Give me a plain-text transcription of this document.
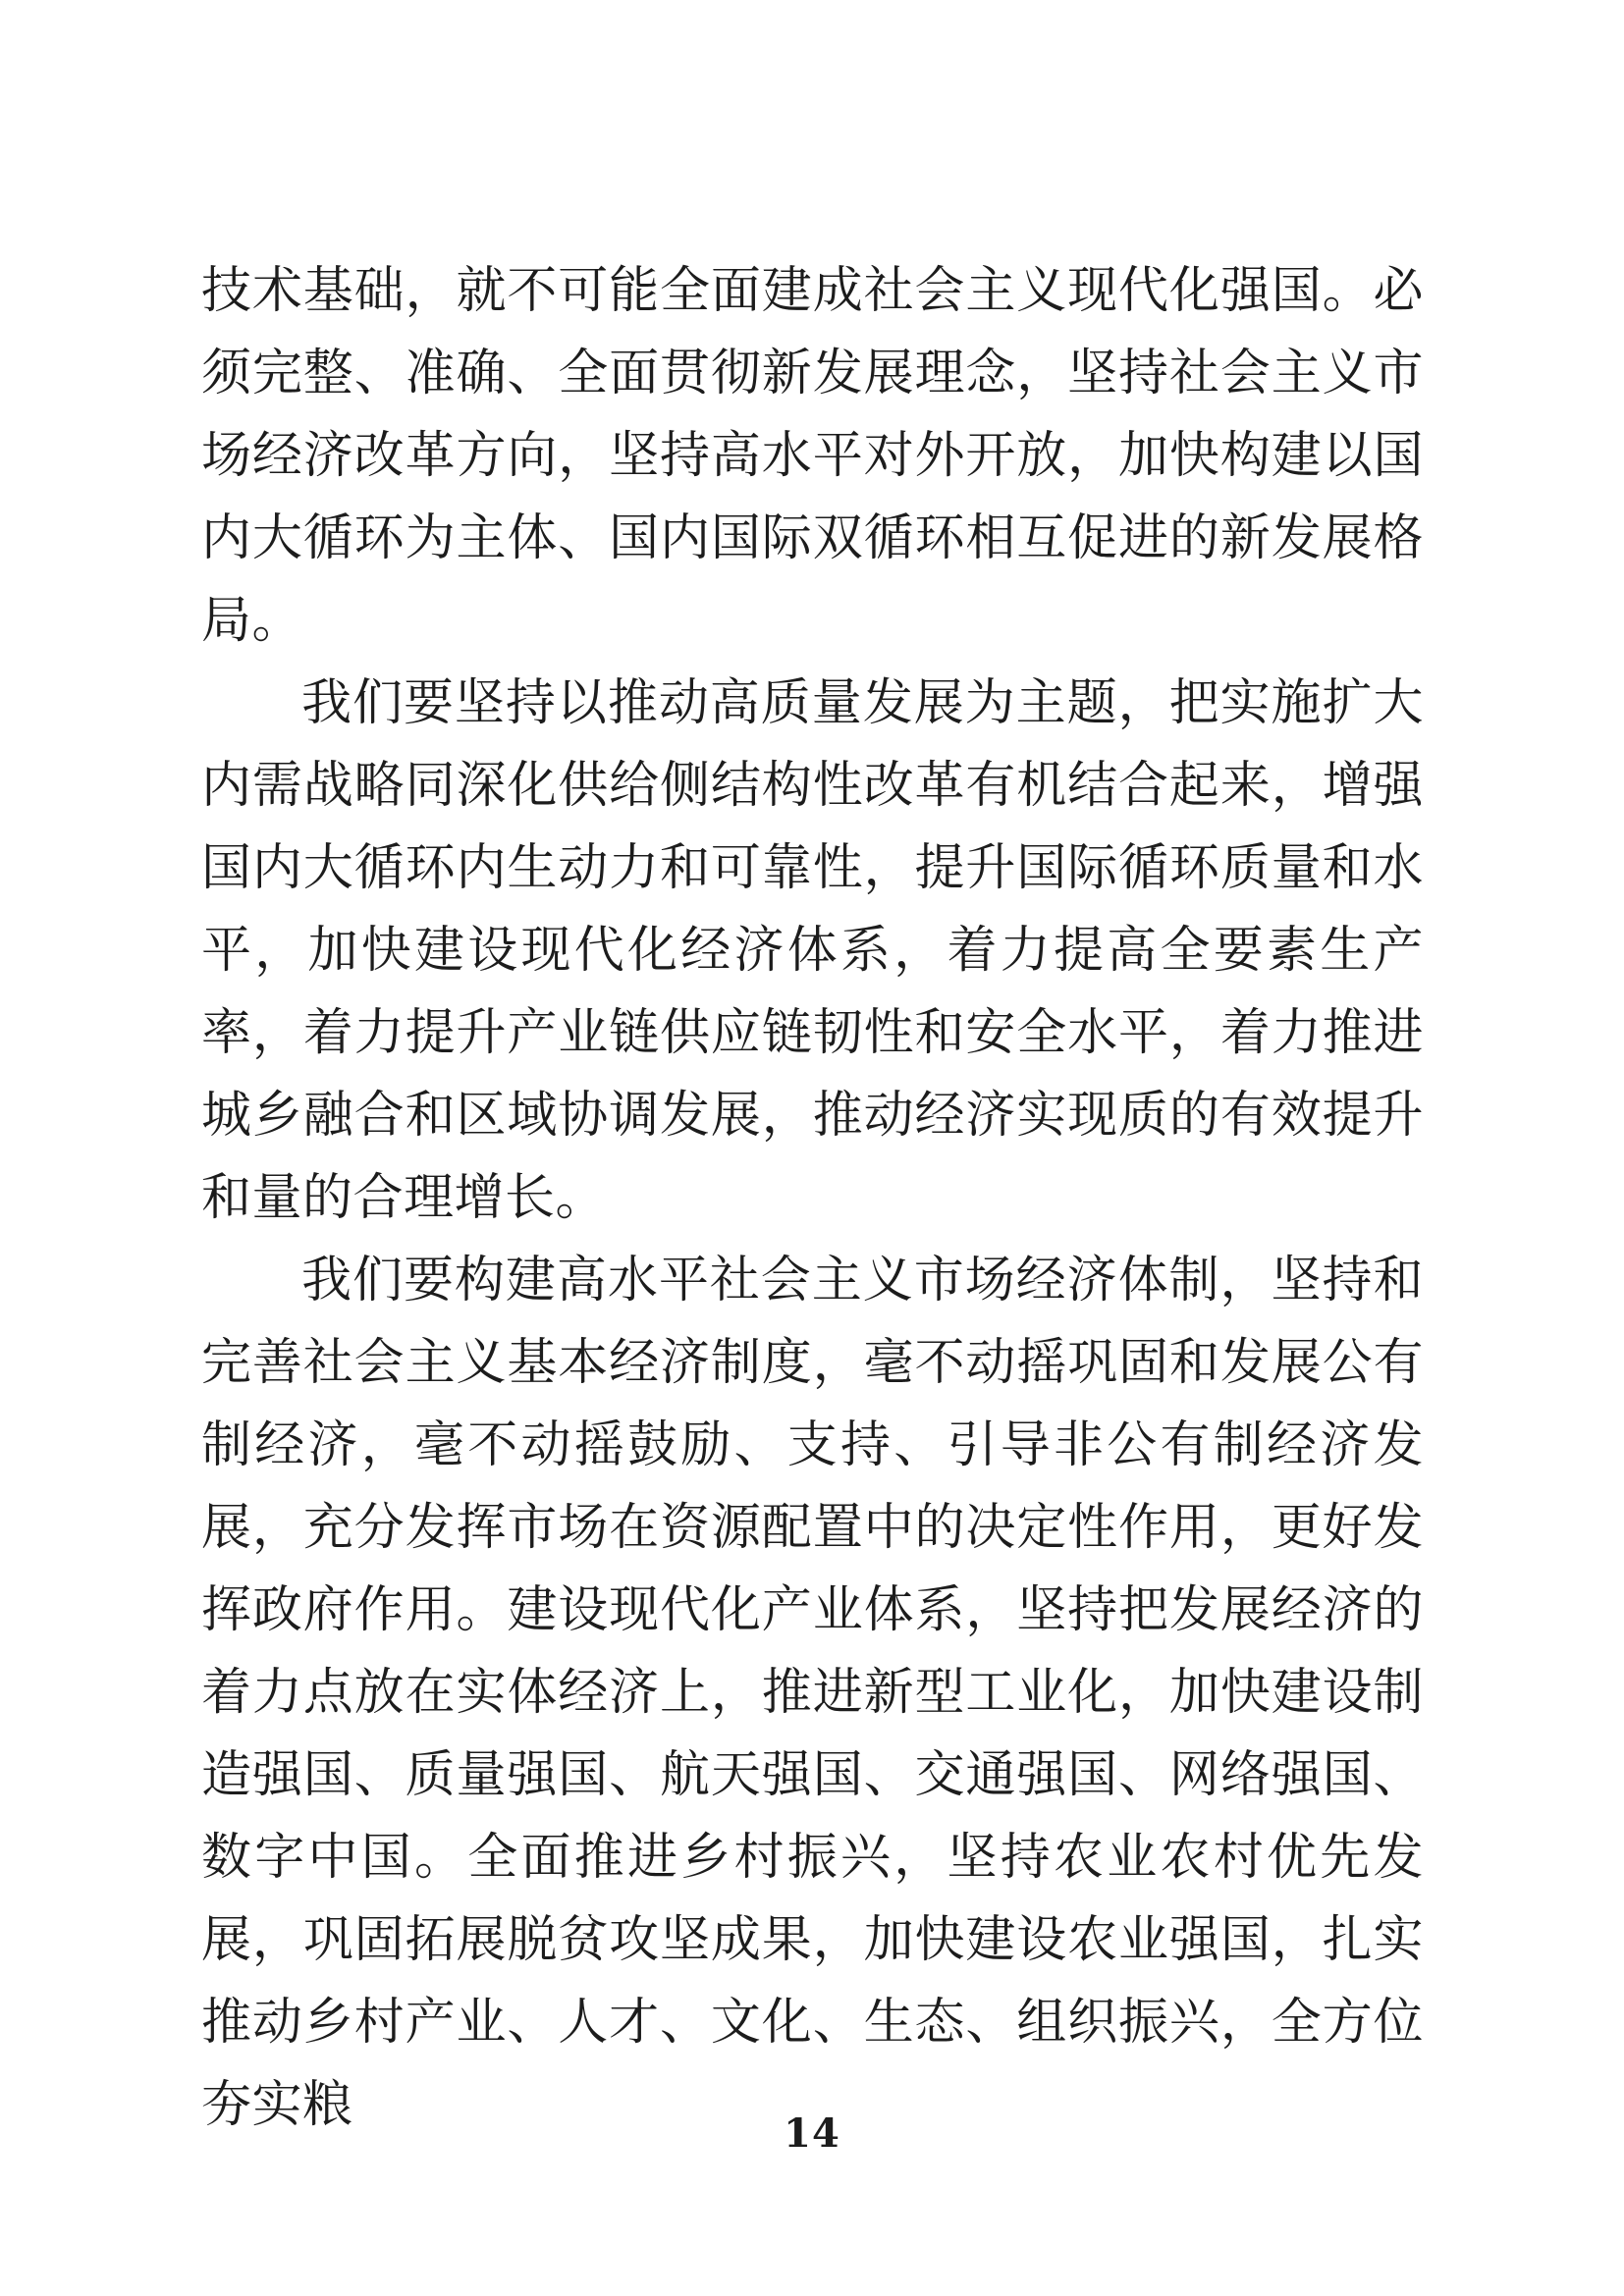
技术基础，就不可能全面建成社会主义现代化强国。必须完整、准确、全面贯彻新发展理念，坚持社会主义市场经济改革方向，坚持高水平对外开放，加快构建以国内大循环为主体、国内国际双循环相互促进的新发展格局。

我们要坚持以推动高质量发展为主题，把实施扩大内需战略同深化供给侧结构性改革有机结合起来，增强国内大循环内生动力和可靠性，提升国际循环质量和水平，加快建设现代化经济体系，着力提高全要素生产率，着力提升产业链供应链韧性和安全水平，着力推进城乡融合和区域协调发展，推动经济实现质的有效提升和量的合理增长。

我们要构建高水平社会主义市场经济体制，坚持和完善社会主义基本经济制度，毫不动摇巩固和发展公有制经济，毫不动摇鼓励、支持、引导非公有制经济发展，充分发挥市场在资源配置中的决定性作用，更好发挥政府作用。建设现代化产业体系，坚持把发展经济的着力点放在实体经济上，推进新型工业化，加快建设制造强国、质量强国、航天强国、交通强国、网络强国、数字中国。全面推进乡村振兴，坚持农业农村优先发展，巩固拓展脱贫攻坚成果，加快建设农业强国，扎实推动乡村产业、人才、文化、生态、组织振兴，全方位夯实粮	14
